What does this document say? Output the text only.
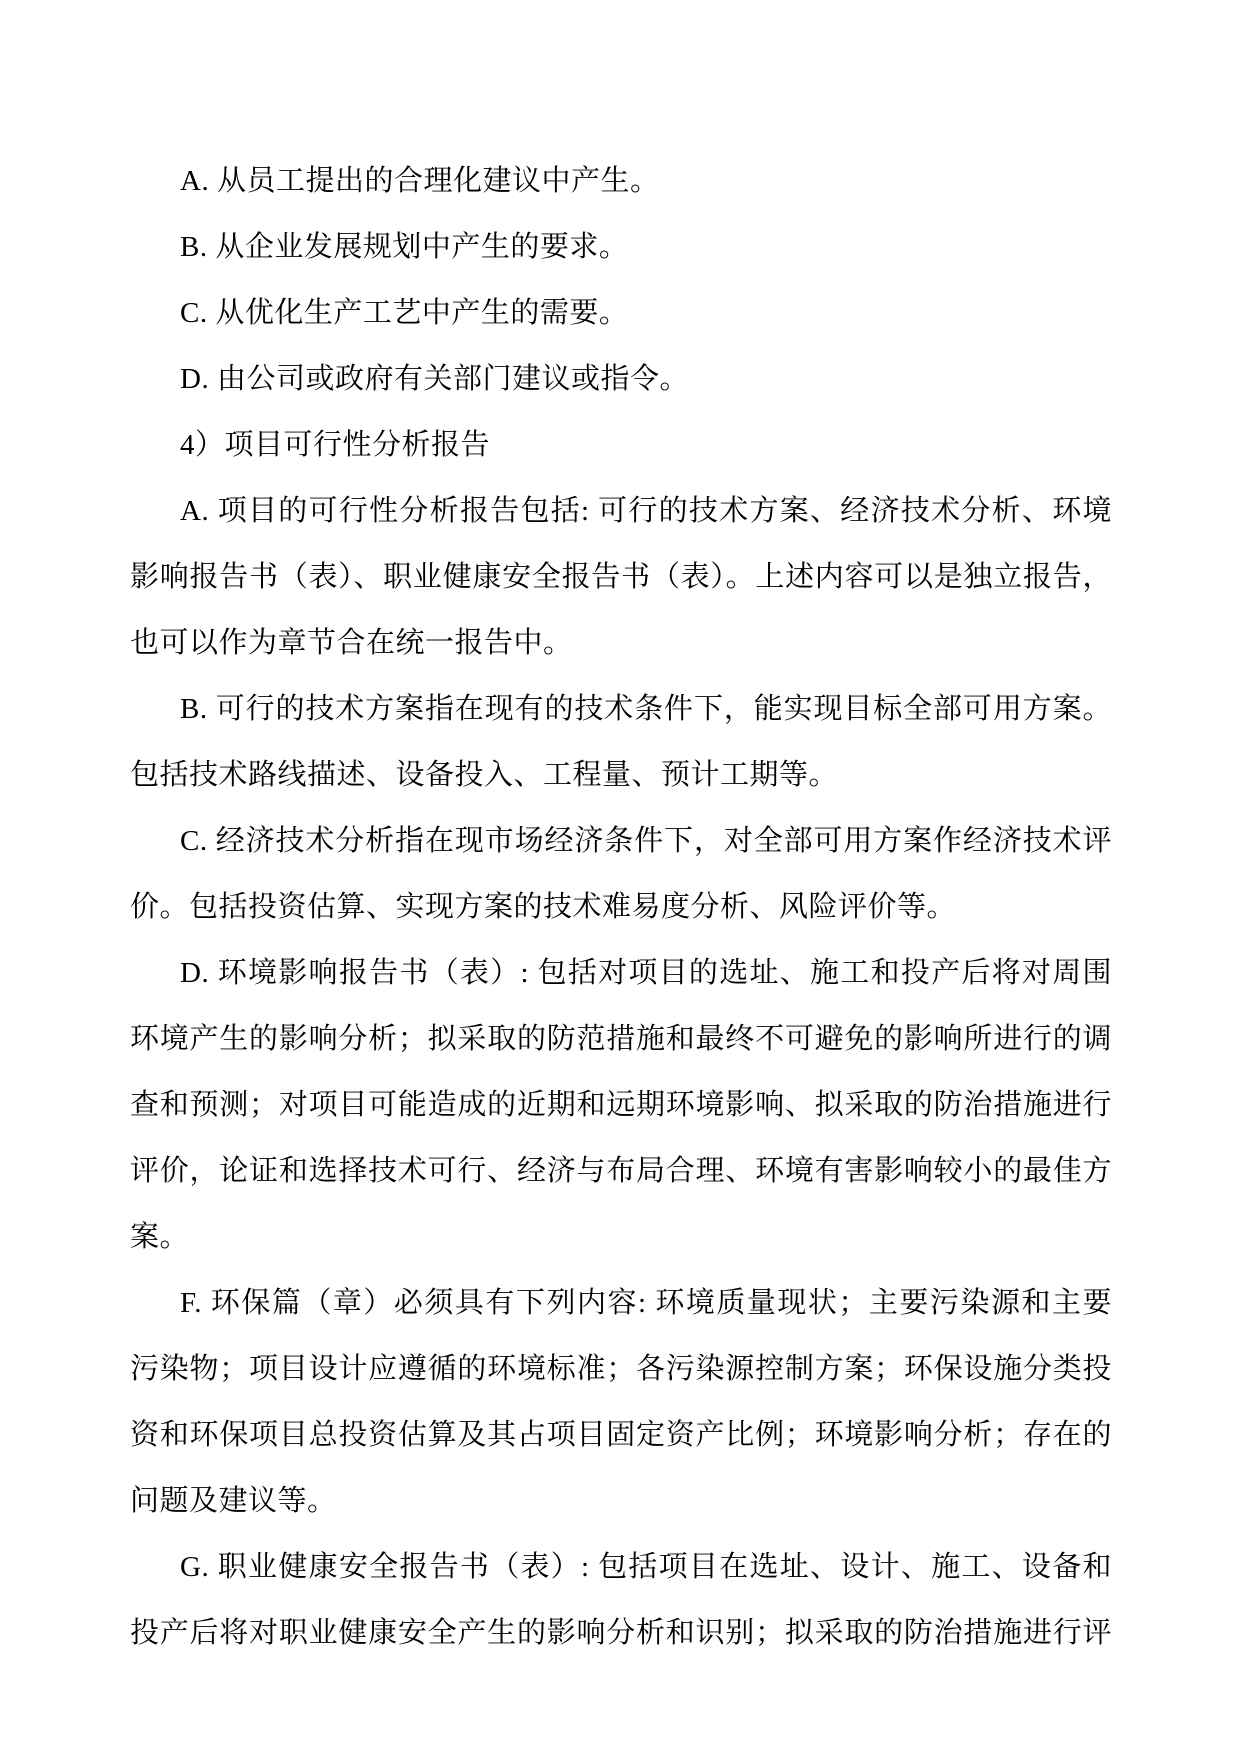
A. 从员工提出的合理化建议中产生。
B. 从企业发展规划中产生的要求。
C. 从优化生产工艺中产生的需要。
D. 由公司或政府有关部门建议或指令。
4）项目可行性分析报告
A. 项目的可行性分析报告包括: 可行的技术方案、经济技术分析、环境
影响报告书（表）、职业健康安全报告书（表）。上述内容可以是独立报告，
也可以作为章节合在统一报告中。
B. 可行的技术方案指在现有的技术条件下，能实现目标全部可用方案。
包括技术路线描述、设备投入、工程量、预计工期等。
C. 经济技术分析指在现市场经济条件下，对全部可用方案作经济技术评
价。包括投资估算、实现方案的技术难易度分析、风险评价等。
D. 环境影响报告书（表）: 包括对项目的选址、施工和投产后将对周围
环境产生的影响分析；拟采取的防范措施和最终不可避免的影响所进行的调
查和预测；对项目可能造成的近期和远期环境影响、拟采取的防治措施进行
评价，论证和选择技术可行、经济与布局合理、环境有害影响较小的最佳方
案。
F. 环保篇（章）必须具有下列内容: 环境质量现状；主要污染源和主要
污染物；项目设计应遵循的环境标准；各污染源控制方案；环保设施分类投
资和环保项目总投资估算及其占项目固定资产比例；环境影响分析；存在的
问题及建议等。
G. 职业健康安全报告书（表）: 包括项目在选址、设计、施工、设备和
投产后将对职业健康安全产生的影响分析和识别；拟采取的防治措施进行评
